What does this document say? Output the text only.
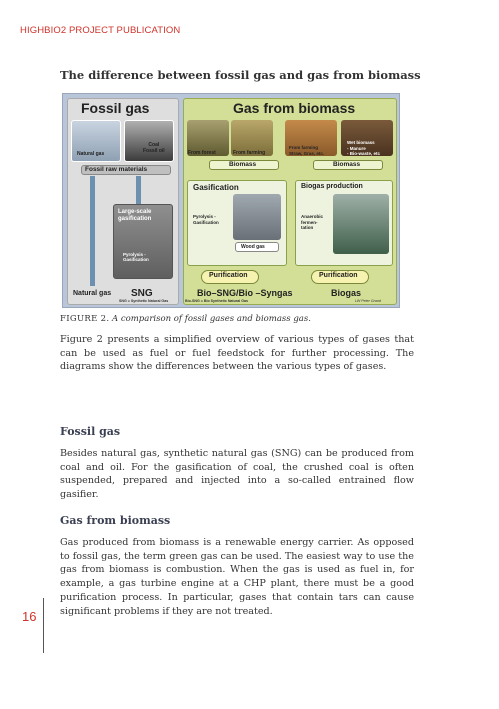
HIGHBIO2 PROJECT PUBLICATION
The difference between fossil gas and gas from biomass
Fossil gas
Natural gas
Coal
Fossil oil
Fossil raw materials
Large-scale
gasification
Pyrolysis -
Gasification
Natural gas SNG
Gas from biomass
From forest	From farming
From farming
Straw, Gras, etc.
Wet biomass
- Manure
- Bio-waste, etc
Biomass	Biomass
Gasification
Pyrolysis -
Gasification
Wood gas
Biogas production
Anaerobic
fermen-
tation
Purification	Purification
Bio–SNG/Bio –Syngas	Biogas
SNG = Synthetic Natural Gas	Bio-SNG = Bio Synthetic Natural Gas	LW Peter Grand
FIGURE 2. A comparison of fossil gases and biomass gas.

Figure 2 presents a simplified overview of various types of gases that can be used as fuel or fuel feedstock for further processing. The diagrams show the differences between the various types of gases.

Fossil gas

Besides natural gas, synthetic natural gas (SNG) can be produced from coal and oil. For the gasification of coal, the crushed coal is often suspended, prepared and injected into a so-called entrained flow gasifier.

Gas from biomass

Gas produced from biomass is a renewable energy carrier. As opposed to fossil gas, the term green gas can be used. The easiest way to use the gas from biomass is combustion. When the gas is used as fuel in, for example, a gas turbine engine at a CHP plant, there must be a good purification process. In particular, gases that contain tars can cause significant problems if they are not treated.

16
